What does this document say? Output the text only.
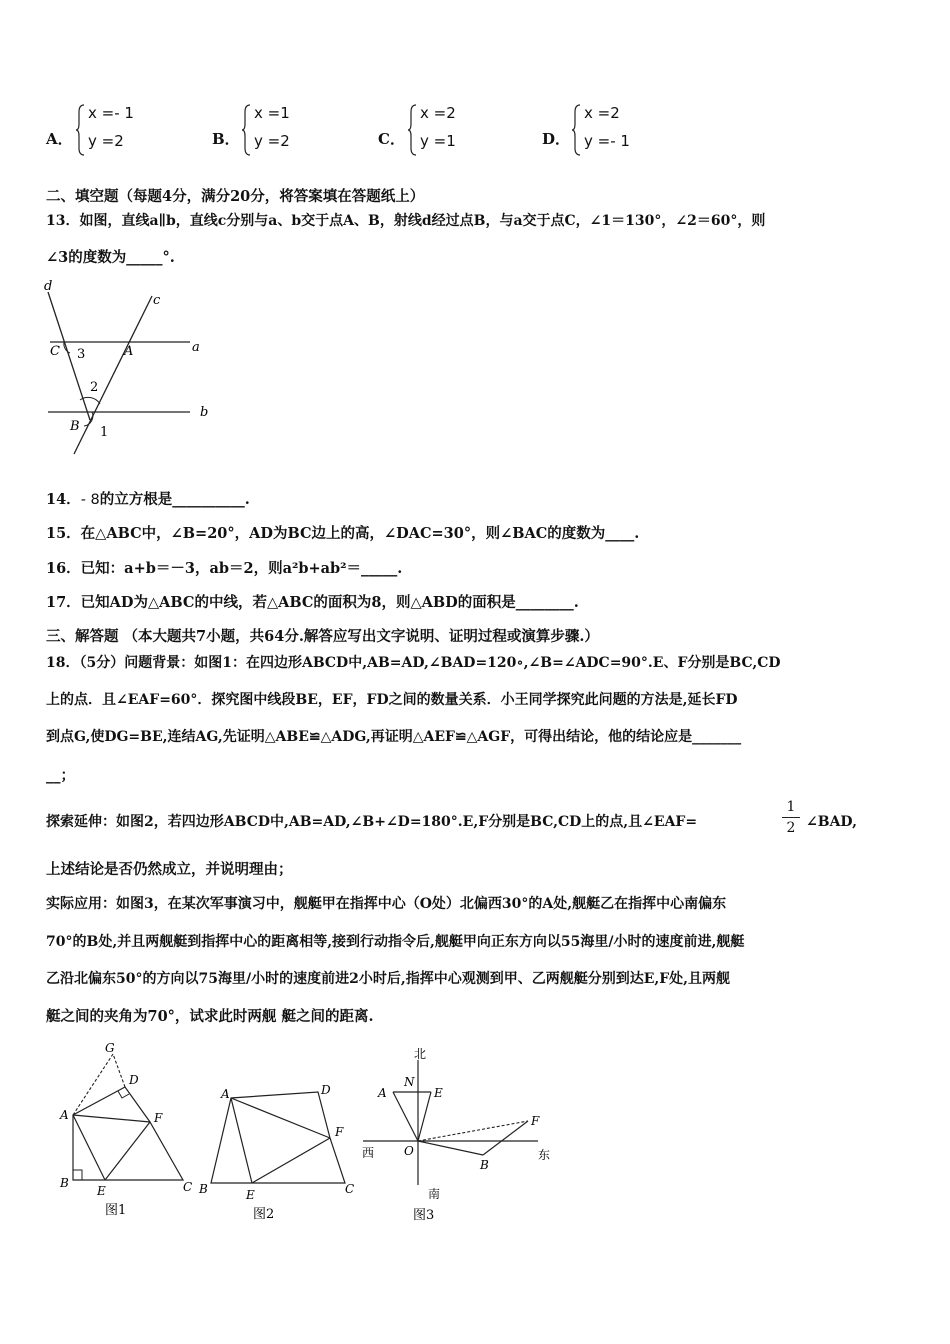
A．
x =- 1
y =2	B．
x =1
y =2	C．
x =2
y =1	D．
x =2
y =- 1
二、填空题（每题4分，满分20分，将答案填在答题纸上）
13．如图，直线a∥b，直线c分别与a、b交于点A、B，射线d经过点B，与a交于点C，∠1＝130°，∠2＝60°，则
∠3的度数为_____°.
d
c
a
b
C	A
B
3
2
1
14．- 8的立方根是__________.
15．在△ABC中，∠B=20°，AD为BC边上的高，∠DAC=30°，则∠BAC的度数为____.
16．已知：a+b＝－3，ab＝2，则a²b+ab²＝_____.
17．已知AD为△ABC的中线，若△ABC的面积为8，则△ABD的面积是________.
三、解答题 （本大题共7小题，共64分.解答应写出文字说明、证明过程或演算步骤.）
18．（5分）问题背景：如图1：在四边形ABCD中,AB=AD,∠BAD=120∘,∠B=∠ADC=90°.E、F分别是BC,CD
上的点．且∠EAF=60°．探究图中线段BE，EF，FD之间的数量关系．小王同学探究此问题的方法是,延长FD
到点G,使DG=BE,连结AG,先证明△ABE≌△ADG,再证明△AEF≌△AGF，可得出结论，他的结论应是_______
__；
探索延伸：如图2，若四边形ABCD中,AB=AD,∠B+∠D=180°.E,F分别是BC,CD上的点,且∠EAF=
1
2 ∠BAD,
上述结论是否仍然成立，并说明理由；
实际应用：如图3，在某次军事演习中，舰艇甲在指挥中心（O处）北偏西30°的A处,舰艇乙在指挥中心南偏东
70°的B处,并且两舰艇到指挥中心的距离相等,接到行动指令后,舰艇甲向正东方向以55海里/小时的速度前进,舰艇
乙沿北偏东50°的方向以75海里/小时的速度前进2小时后,指挥中心观测到甲、乙两舰艇分别到达E,F处,且两舰
艇之间的夹角为70°，试求此时两舰 艇之间的距离.
G
D
A	F
B
E	C
图1
A	D
F
B	E	C
图2
北
N
A	E
F
西 O	东
B
南
图3
